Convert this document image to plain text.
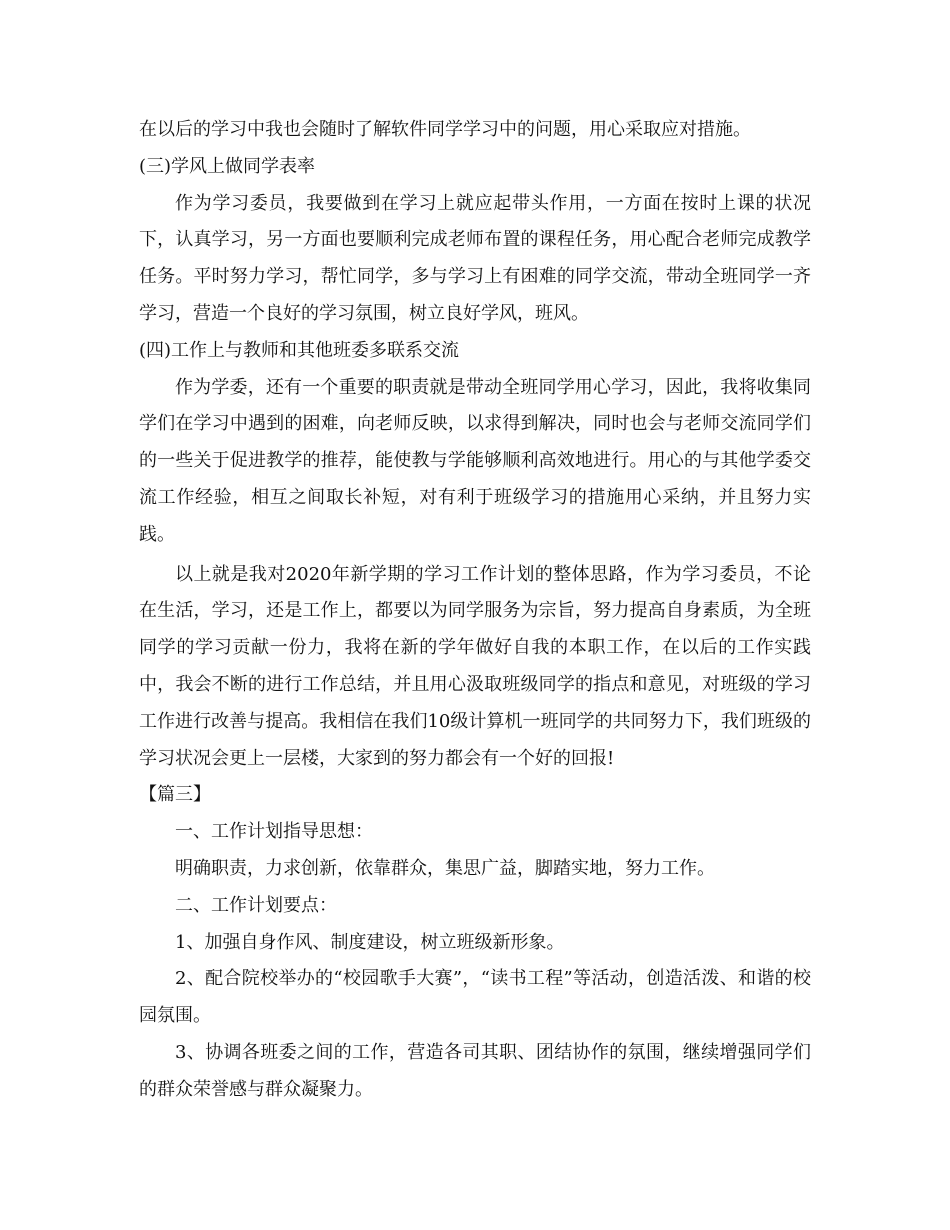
在以后的学习中我也会随时了解软件同学学习中的问题，用心采取应对措施。

(三)学风上做同学表率

作为学习委员，我要做到在学习上就应起带头作用，一方面在按时上课的状况下，认真学习，另一方面也要顺利完成老师布置的课程任务，用心配合老师完成教学任务。平时努力学习，帮忙同学，多与学习上有困难的同学交流，带动全班同学一齐学习，营造一个良好的学习氛围，树立良好学风，班风。

(四)工作上与教师和其他班委多联系交流

作为学委，还有一个重要的职责就是带动全班同学用心学习，因此，我将收集同学们在学习中遇到的困难，向老师反映，以求得到解决，同时也会与老师交流同学们的一些关于促进教学的推荐，能使教与学能够顺利高效地进行。用心的与其他学委交流工作经验，相互之间取长补短，对有利于班级学习的措施用心采纳，并且努力实践。

以上就是我对2020年新学期的学习工作计划的整体思路，作为学习委员，不论在生活，学习，还是工作上，都要以为同学服务为宗旨，努力提高自身素质，为全班同学的学习贡献一份力，我将在新的学年做好自我的本职工作，在以后的工作实践中，我会不断的进行工作总结，并且用心汲取班级同学的指点和意见，对班级的学习工作进行改善与提高。我相信在我们10级计算机一班同学的共同努力下，我们班级的学习状况会更上一层楼，大家到的努力都会有一个好的回报!

【篇三】

一、工作计划指导思想：

明确职责，力求创新，依靠群众，集思广益，脚踏实地，努力工作。

二、工作计划要点：

1、加强自身作风、制度建设，树立班级新形象。

2、配合院校举办的“校园歌手大赛”，“读书工程”等活动，创造活泼、和谐的校园氛围。

3、协调各班委之间的工作，营造各司其职、团结协作的氛围，继续增强同学们的群众荣誉感与群众凝聚力。
